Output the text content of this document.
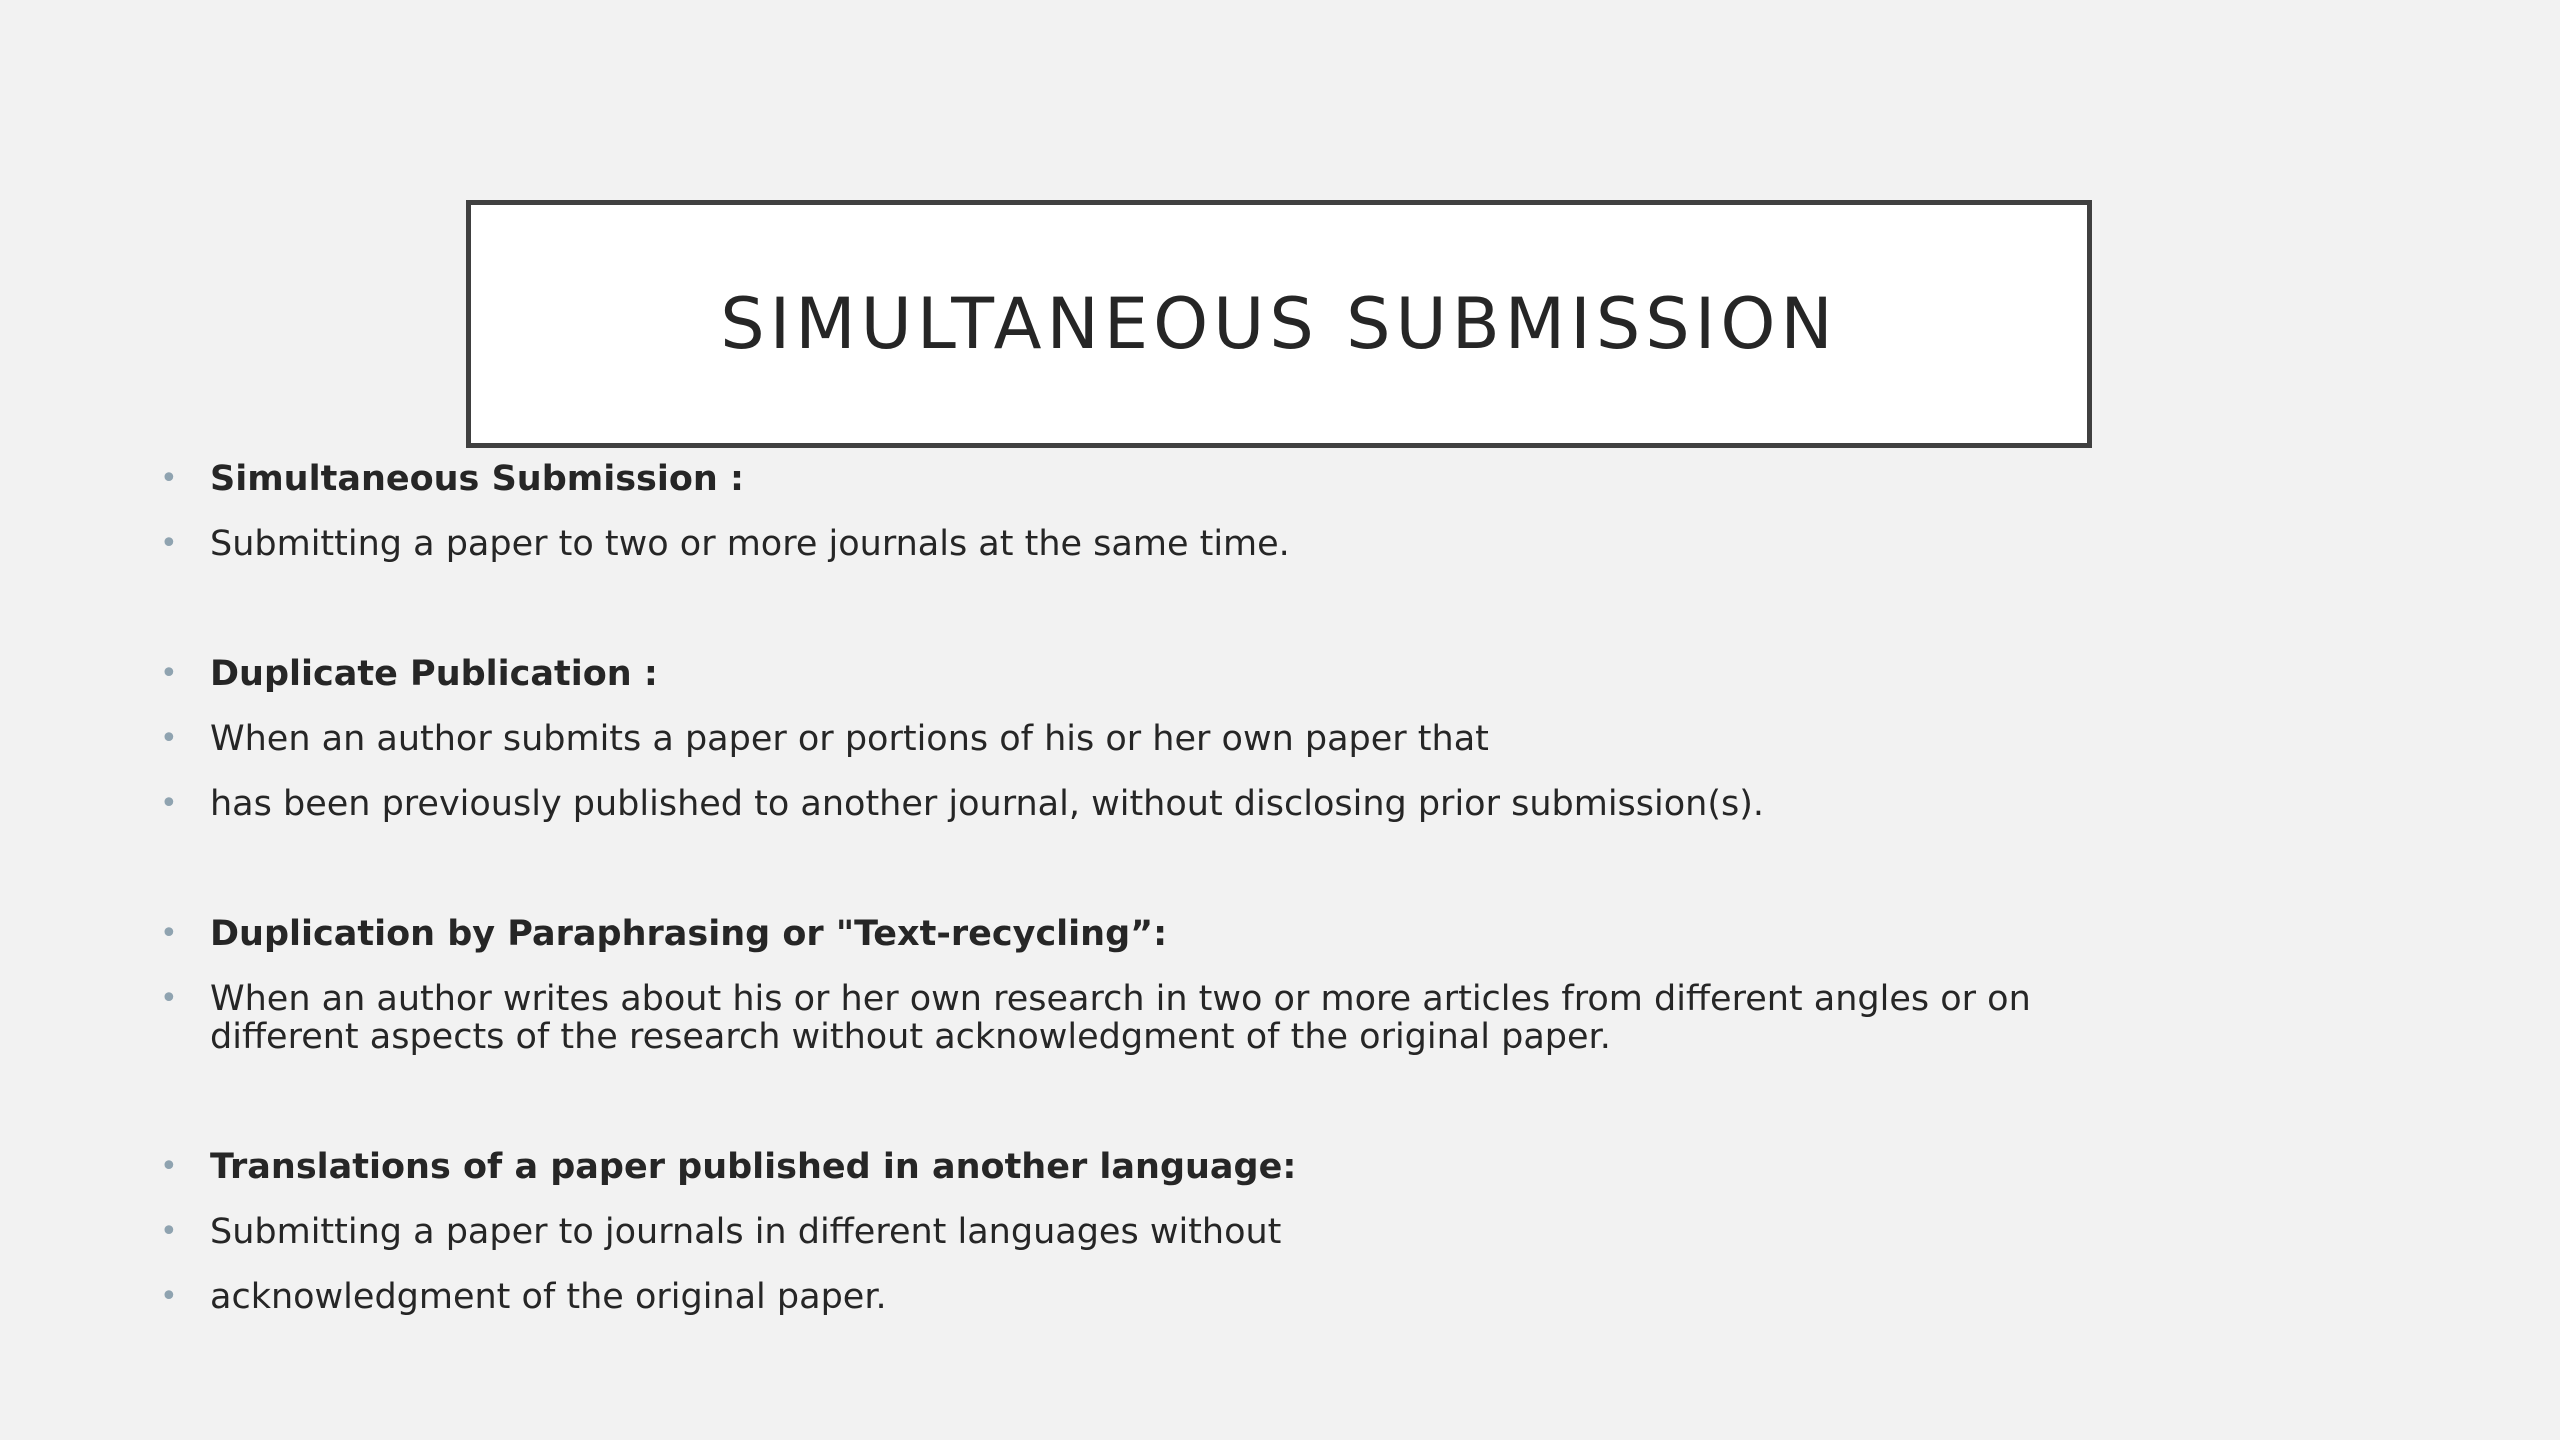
SIMULTANEOUS SUBMISSION
• Simultaneous Submission :
• Submitting a paper to two or more journals at the same time.
• Duplicate Publication :
• When an author submits a paper or portions of his or her own paper that
• has been previously published to another journal, without disclosing prior submission(s).
• Duplication by Paraphrasing or "Text-recycling”:
• When an author writes about his or her own research in two or more articles from different angles or on different aspects of the research without acknowledgment of the original paper.
• Translations of a paper published in another language:
• Submitting a paper to journals in different languages without
• acknowledgment of the original paper.
